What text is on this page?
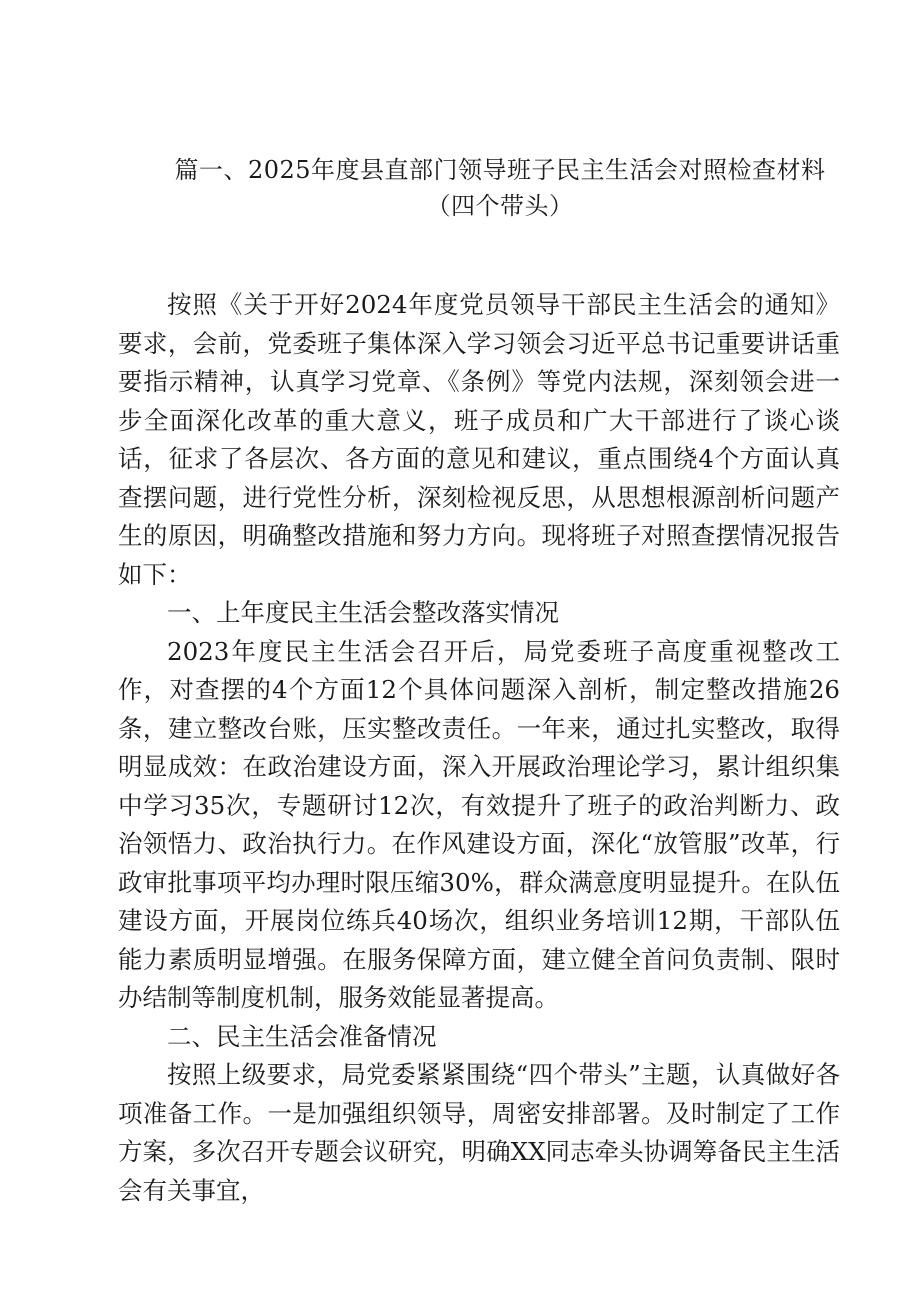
篇一、2025年度县直部门领导班子民主生活会对照检查材料（四个带头）

按照《关于开好2024年度党员领导干部民主生活会的通知》要求，会前，党委班子集体深入学习领会习近平总书记重要讲话重要指示精神，认真学习党章、《条例》等党内法规，深刻领会进一步全面深化改革的重大意义，班子成员和广大干部进行了谈心谈话，征求了各层次、各方面的意见和建议，重点围绕4个方面认真查摆问题，进行党性分析，深刻检视反思，从思想根源剖析问题产生的原因，明确整改措施和努力方向。现将班子对照查摆情况报告如下：

一、上年度民主生活会整改落实情况

2023年度民主生活会召开后，局党委班子高度重视整改工作，对查摆的4个方面12个具体问题深入剖析，制定整改措施26条，建立整改台账，压实整改责任。一年来，通过扎实整改，取得明显成效：在政治建设方面，深入开展政治理论学习，累计组织集中学习35次，专题研讨12次，有效提升了班子的政治判断力、政治领悟力、政治执行力。在作风建设方面，深化“放管服”改革，行政审批事项平均办理时限压缩30%，群众满意度明显提升。在队伍建设方面，开展岗位练兵40场次，组织业务培训12期，干部队伍能力素质明显增强。在服务保障方面，建立健全首问负责制、限时办结制等制度机制，服务效能显著提高。

二、民主生活会准备情况

按照上级要求，局党委紧紧围绕“四个带头”主题，认真做好各项准备工作。一是加强组织领导，周密安排部署。及时制定了工作方案，多次召开专题会议研究，明确XX同志牵头协调筹备民主生活会有关事宜，
